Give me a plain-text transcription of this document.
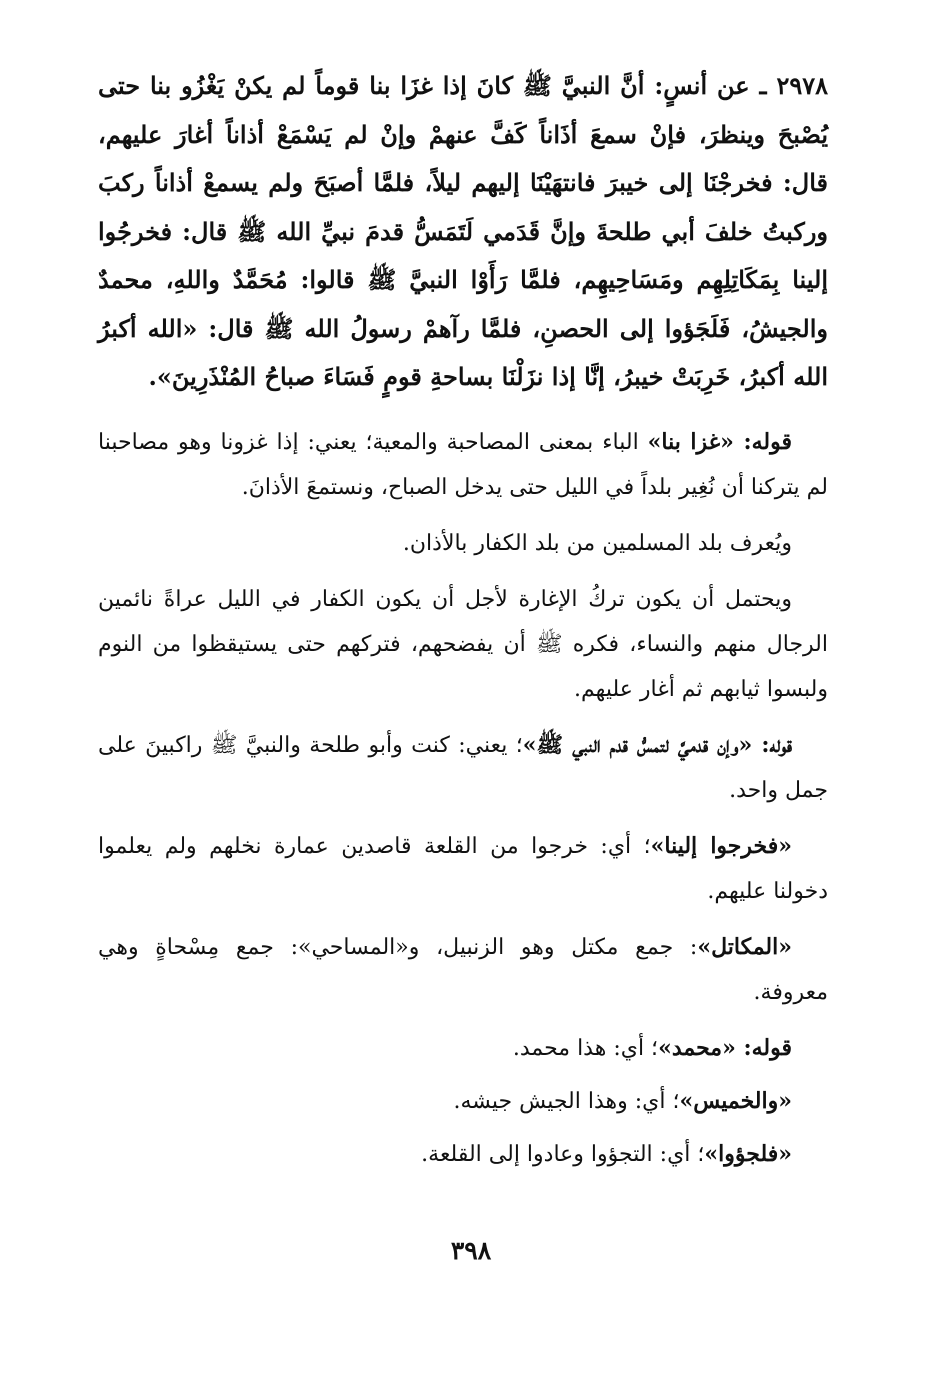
٢٩٧٨ ـ عن أنسٍ: أنَّ النبيَّ ﷺ كانَ إذا غزَا بنا قوماً لم يكنْ يَغْزُو بنا حتى يُصْبحَ وينظرَ، فإنْ سمعَ أذَاناً كَفَّ عنهمْ وإنْ لم يَسْمَعْ أذاناً أغارَ عليهم، قال: فخرجْنَا إلى خيبرَ فانتهَيْنَا إليهم ليلاً، فلمَّا أصبَحَ ولم يسمعْ أذاناً ركبَ وركبتُ خلفَ أبي طلحةَ وإنَّ قَدَمي لَتَمَسُّ قدمَ نبيِّ الله ﷺ قال: فخرجُوا إلينا بِمَكَاتِلِهِم ومَسَاحِيهِم، فلمَّا رَأَوْا النبيَّ ﷺ قالوا: مُحَمَّدٌ واللهِ، محمدٌ والجيشُ، فَلَجَؤوا إلى الحصنِ، فلمَّا رآهمْ رسولُ الله ﷺ قال: «الله أكبرُ الله أكبرُ، خَرِبَتْ خيبرُ، إنَّا إذا نزَلْنَا بساحةِ قومٍ فَسَاءَ صباحُ المُنْذَرِينَ».

قوله: «غزا بنا» الباء بمعنى المصاحبة والمعية؛ يعني: إذا غزونا وهو مصاحبنا لم يتركنا أن نُغِير بلداً في الليل حتى يدخل الصباح، ونستمعَ الأذانَ.

ويُعرف بلد المسلمين من بلد الكفار بالأذان.

ويحتمل أن يكون تركُ الإغارة لأجل أن يكون الكفار في الليل عراةً نائمين الرجال منهم والنساء، فكره ﷺ أن يفضحهم، فتركهم حتى يستيقظوا من النوم ولبسوا ثيابهم ثم أغار عليهم.

قوله: «وإن قدميَّ لتمسُّ قدم النبي ﷺ»؛ يعني: كنت وأبو طلحة والنبيَّ ﷺ راكبينَ على جمل واحد.

«فخرجوا إلينا»؛ أي: خرجوا من القلعة قاصدين عمارة نخلهم ولم يعلموا دخولنا عليهم.

«المكاتل»: جمع مكتل وهو الزنبيل، و«المساحي»: جمع مِسْحاةٍ وهي معروفة.

قوله: «محمد»؛ أي: هذا محمد.

«والخميس»؛ أي: وهذا الجيش جيشه.

«فلجؤوا»؛ أي: التجؤوا وعادوا إلى القلعة.

٣٩٨
